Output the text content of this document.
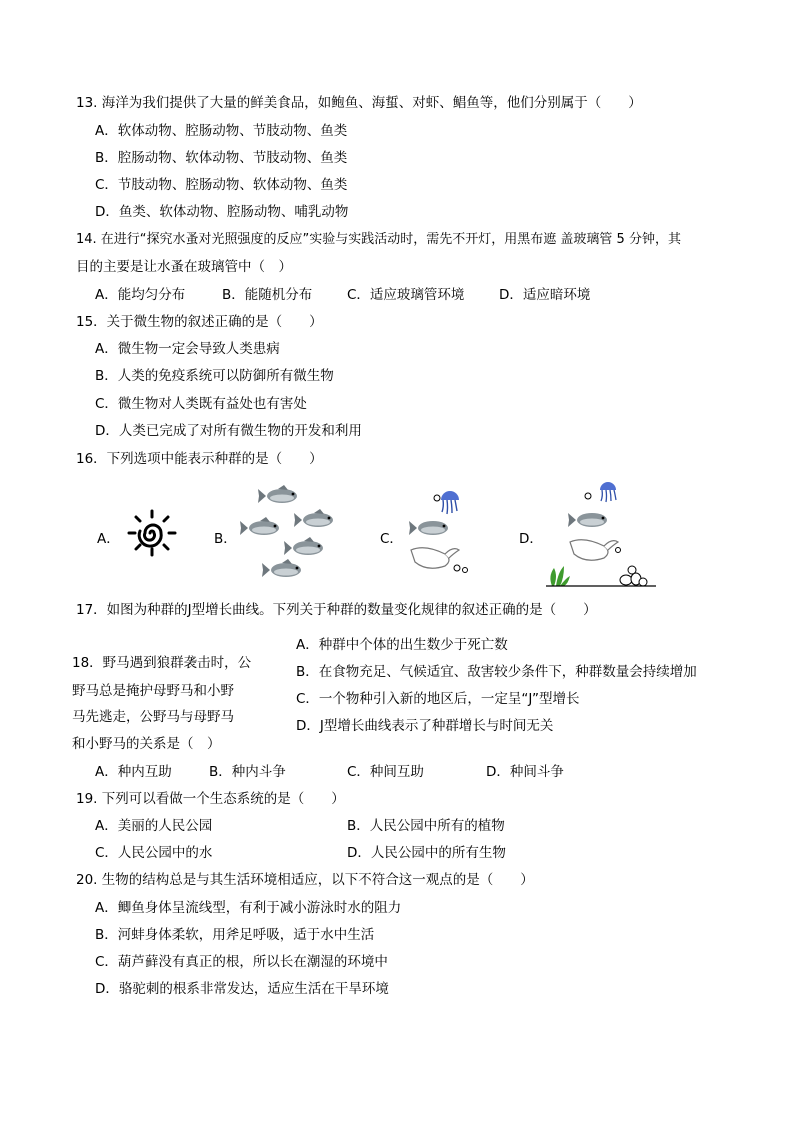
13. 海洋为我们提供了大量的鲜美食品，如鲍鱼、海蜇、对虾、鲳鱼等，他们分别属于（　　）
A．软体动物、腔肠动物、节肢动物、鱼类
B．腔肠动物、软体动物、节肢动物、鱼类
C．节肢动物、腔肠动物、软体动物、鱼类
D．鱼类、软体动物、腔肠动物、哺乳动物
14. 在进行“探究水蚤对光照强度的反应”实验与实践活动时，需先不开灯，用黑布遮 盖玻璃管 5 分钟，其
目的主要是让水蚤在玻璃管中（　）
A．能均匀分布	B．能随机分布	C．适应玻璃管环境	D．适应暗环境
15．关于微生物的叙述正确的是（　　）
A．微生物一定会导致人类患病
B．人类的免疫系统可以防御所有微生物
C．微生物对人类既有益处也有害处
D．人类已完成了对所有微生物的开发和利用
16．下列选项中能表示种群的是（　　）
A．	B．	C．	D．
17．如图为种群的J型增长曲线。下列关于种群的数量变化规律的叙述正确的是（　　）
A．种群中个体的出生数少于死亡数
B．在食物充足、气候适宜、敌害较少条件下，种群数量会持续增加
C．一个物种引入新的地区后，一定呈“J”型增长
D．J型增长曲线表示了种群增长与时间无关
18．野马遇到狼群袭击时，公
野马总是掩护母野马和小野
马先逃走，公野马与母野马
和小野马的关系是（　）
A．种内互助	B．种内斗争	C．种间互助	D．种间斗争
19. 下列可以看做一个生态系统的是（　　）
A．美丽的人民公园	B．人民公园中所有的植物
C．人民公园中的水	D．人民公园中的所有生物
20. 生物的结构总是与其生活环境相适应，以下不符合这一观点的是（　　）
A．鲫鱼身体呈流线型，有利于减小游泳时水的阻力
B．河蚌身体柔软，用斧足呼吸，适于水中生活
C．葫芦藓没有真正的根，所以长在潮湿的环境中
D．骆驼刺的根系非常发达，适应生活在干旱环境
